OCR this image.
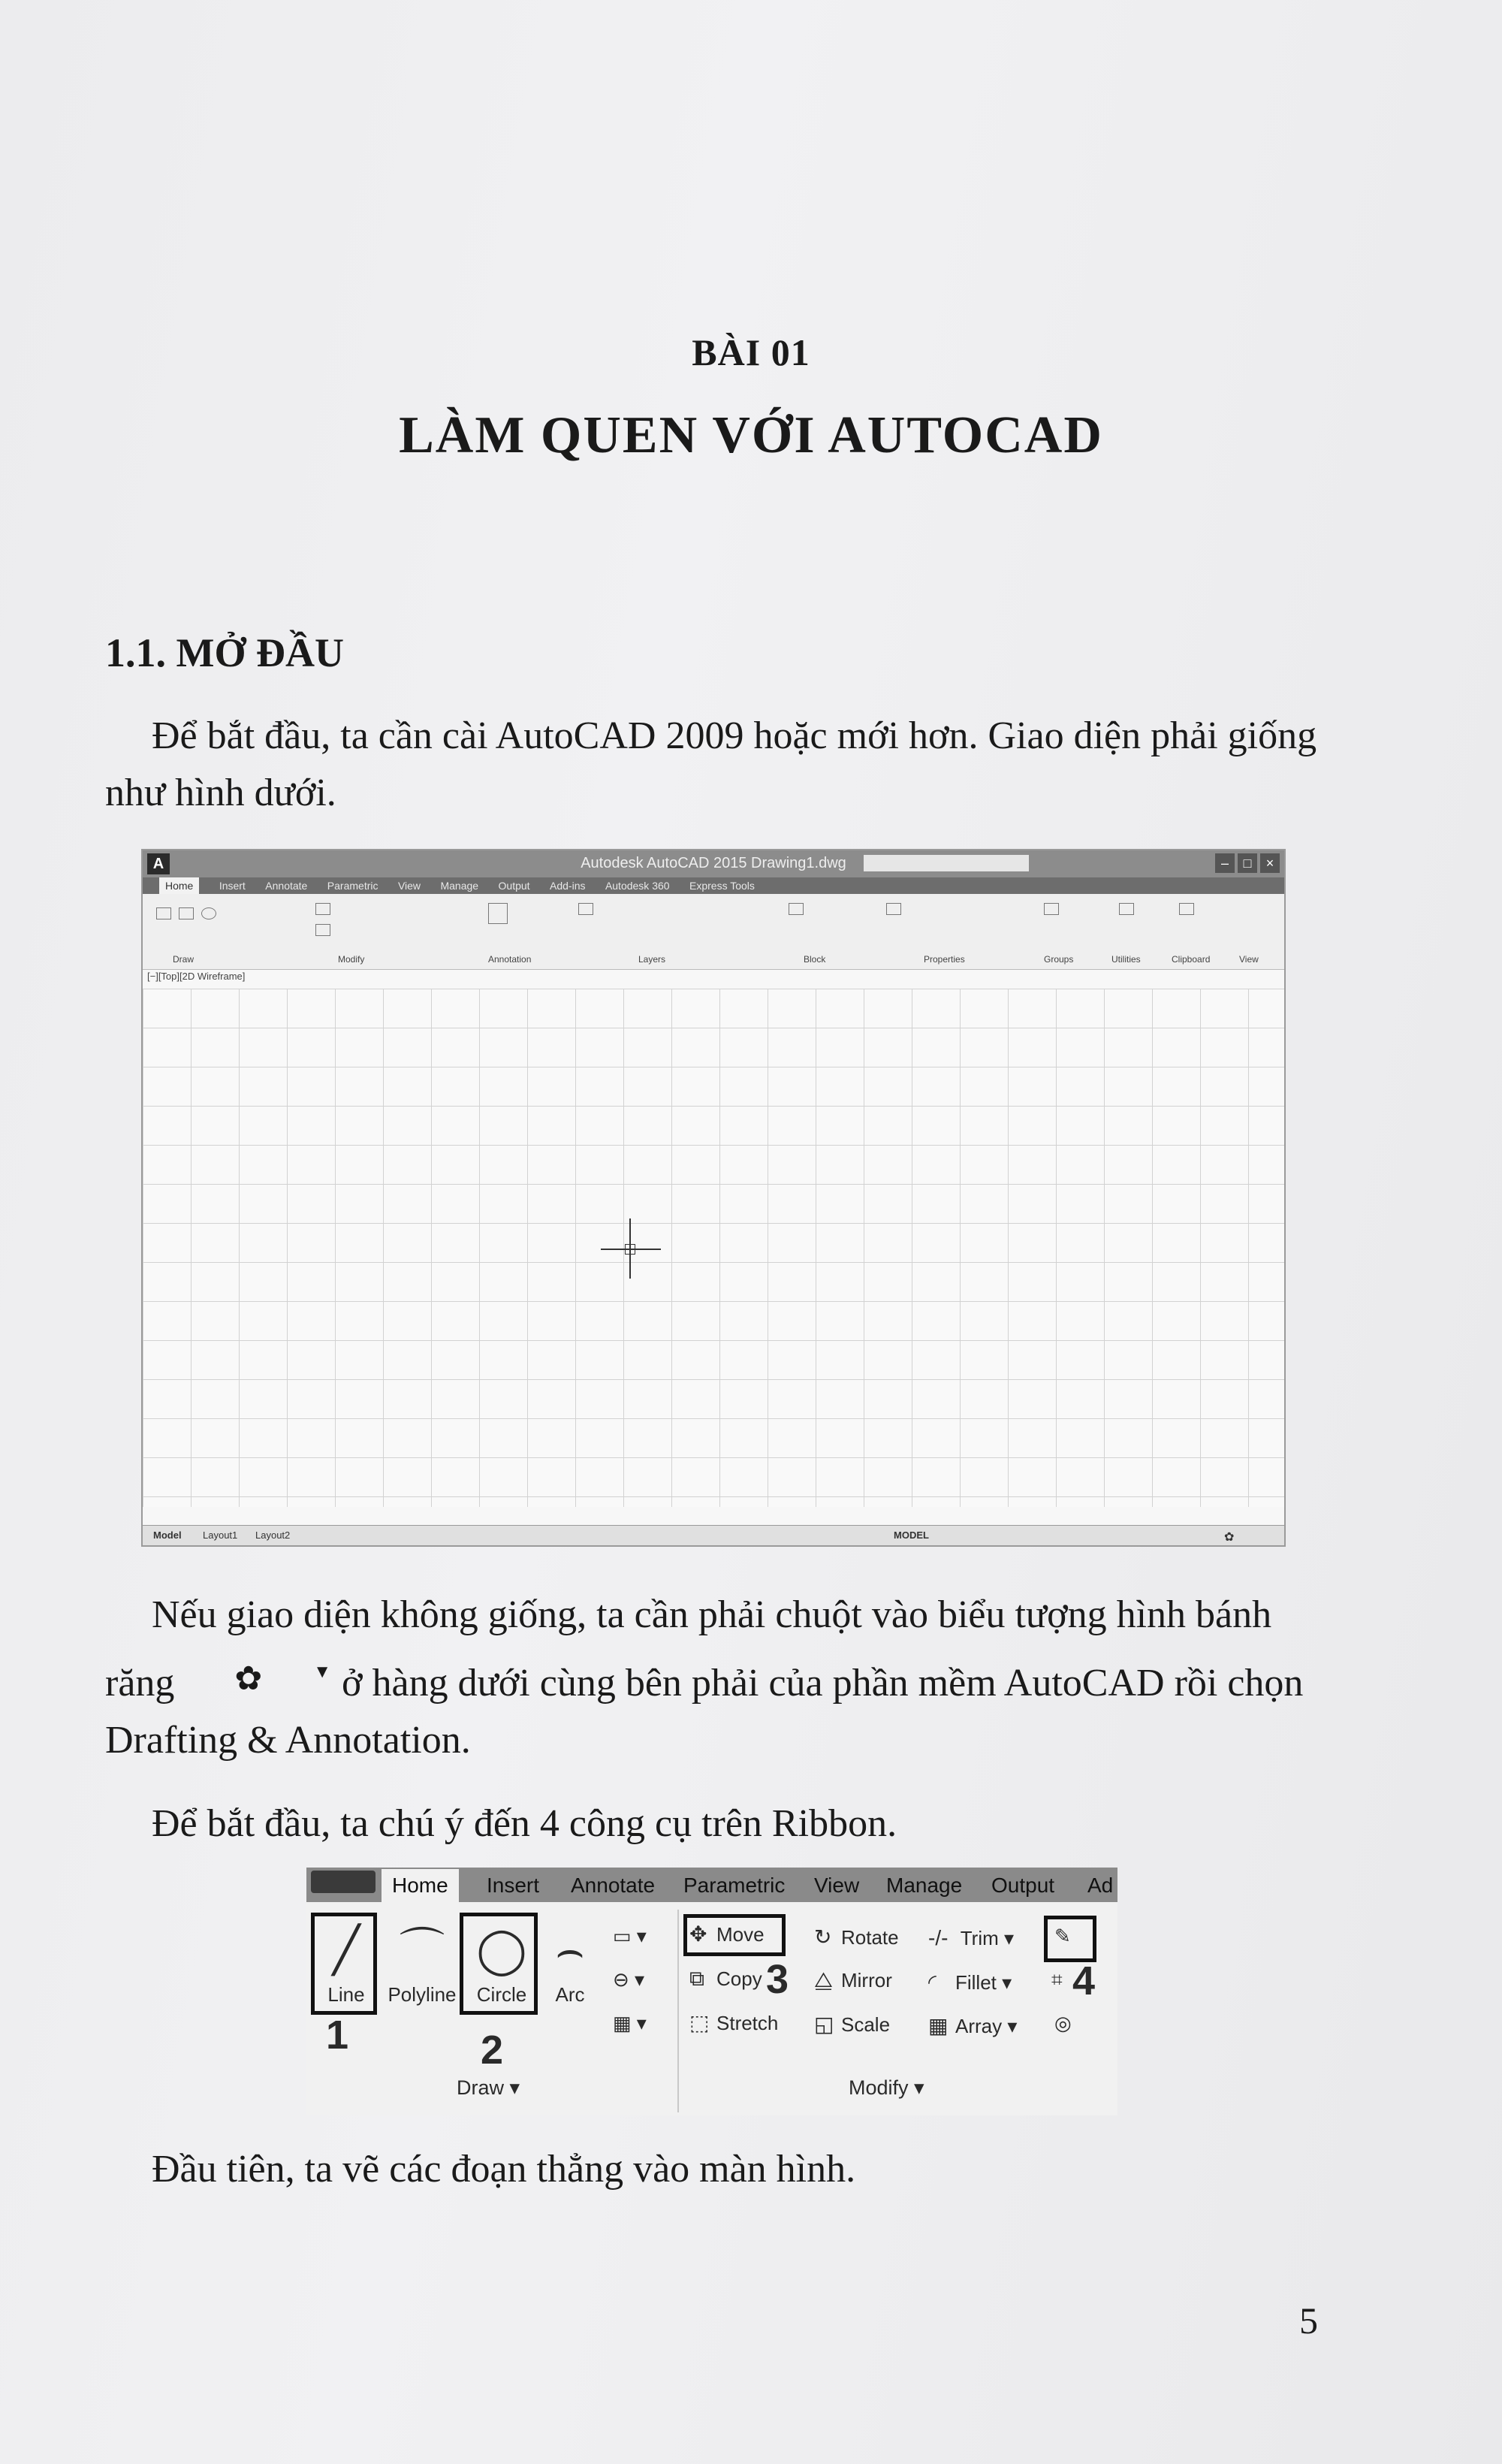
BÀI 01
LÀM QUEN VỚI AUTOCAD
1.1. MỞ ĐẦU
Để bắt đầu, ta cần cài AutoCAD 2009 hoặc mới hơn. Giao diện phải giống như hình dưới.
A	Autodesk AutoCAD 2015 Drawing1.dwg	–	□	×
Home Insert Annotate Parametric View Manage Output Add-ins Autodesk 360 Express Tools
Draw	Modify	Annotation	Layers	Block	Properties	Groups	Utilities	Clipboard	View
[−][Top][2D Wireframe]
Model Layout1 Layout2	MODEL	✿
Nếu giao diện không giống, ta cần phải chuột vào biểu tượng hình bánh răng ✿	▼ ở hàng dưới cùng bên phải của phần mềm AutoCAD rồi chọn Drafting & Annotation.
Để bắt đầu, ta chú ý đến 4 công cụ trên Ribbon.
Home	Insert Annotate Parametric View Manage Output Ad
╱
Line
1
⌒
Polyline
◯
Circle
2
⌢
Arc
▭ ▾
⊖ ▾
▦ ▾
Draw ▾
✥ Move
3
⧉ Copy
⬚ Stretch
↻ Rotate
⧋ Mirror
◱ Scale
-/- Trim ▾
◜ Fillet ▾
▦ Array ▾
✎
4
⌗
◎
Modify ▾
Đầu tiên, ta vẽ các đoạn thẳng vào màn hình.
5
